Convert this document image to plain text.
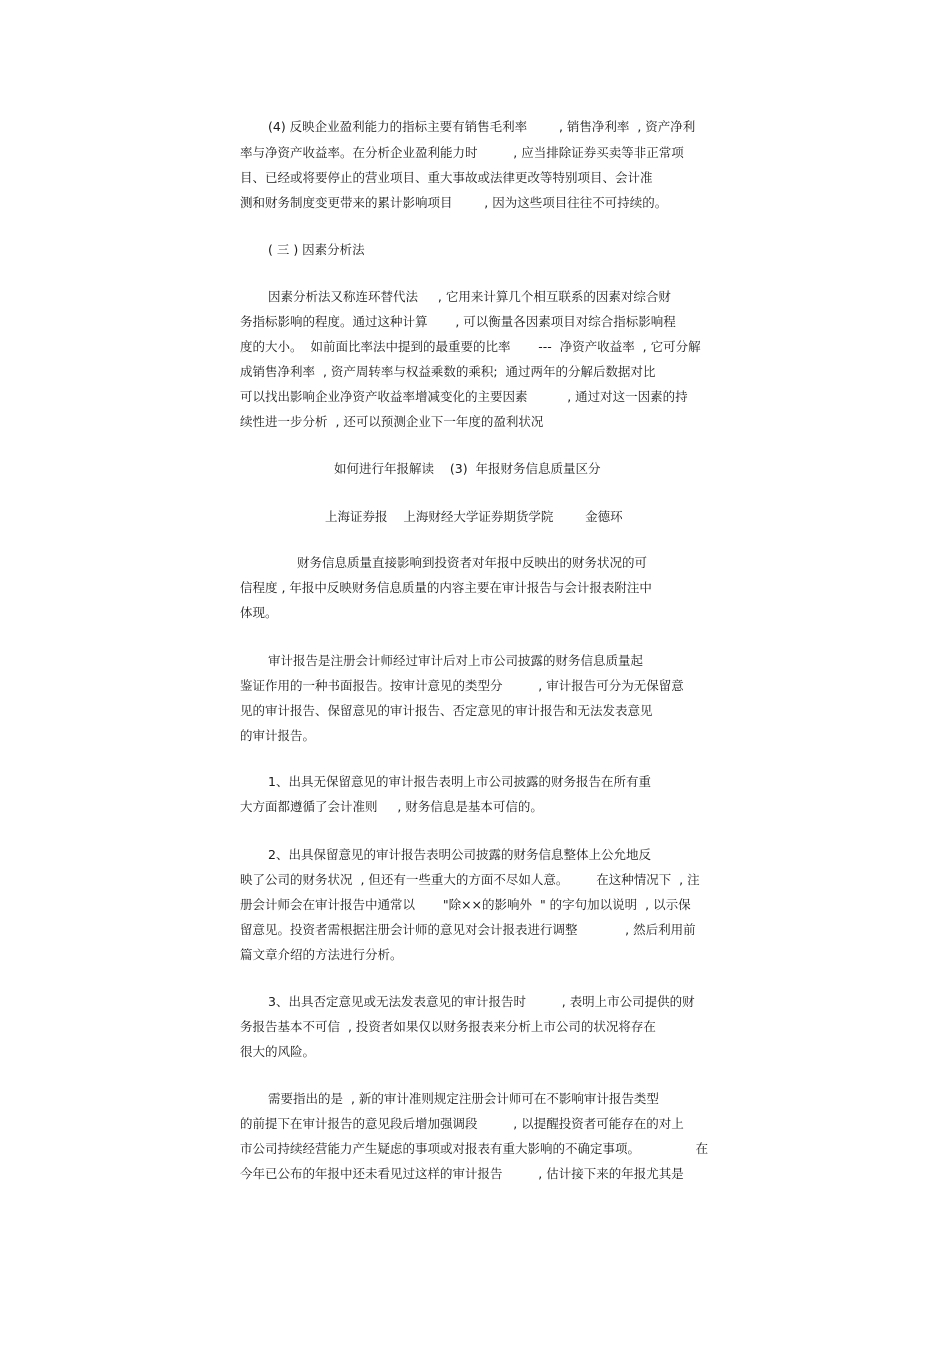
(4) 反映企业盈利能力的指标主要有销售毛利率        , 销售净利率  , 资产净利
率与净资产收益率。在分析企业盈利能力时         , 应当排除证券买卖等非正常项
目、已经或将要停止的营业项目、重大事故或法律更改等特别项目、会计准
测和财务制度变更带来的累计影响项目        , 因为这些项目往往不可持续的。
( 三 ) 因素分析法
因素分析法又称连环替代法     , 它用来计算几个相互联系的因素对综合财
务指标影响的程度。通过这种计算       , 可以衡量各因素项目对综合指标影响程
度的大小。  如前面比率法中提到的最重要的比率       ---  净资产收益率  , 它可分解
成销售净利率  , 资产周转率与权益乘数的乘积;  通过两年的分解后数据对比
可以找出影响企业净资产收益率增减变化的主要因素          , 通过对这一因素的持
续性进一步分析  , 还可以预测企业下一年度的盈利状况
如何进行年报解读    (3)  年报财务信息质量区分
上海证券报    上海财经大学证券期货学院        金德环
财务信息质量直接影响到投资者对年报中反映出的财务状况的可
信程度 , 年报中反映财务信息质量的内容主要在审计报告与会计报表附注中
体现。
审计报告是注册会计师经过审计后对上市公司披露的财务信息质量起
鉴证作用的一种书面报告。按审计意见的类型分         , 审计报告可分为无保留意
见的审计报告、保留意见的审计报告、否定意见的审计报告和无法发表意见
的审计报告。
1、出具无保留意见的审计报告表明上市公司披露的财务报告在所有重
大方面都遵循了会计准则     , 财务信息是基本可信的。
2、出具保留意见的审计报告表明公司披露的财务信息整体上公允地反
映了公司的财务状况  , 但还有一些重大的方面不尽如人意。       在这种情况下  , 注
册会计师会在审计报告中通常以       "除××的影响外  " 的字句加以说明  , 以示保
留意见。投资者需根据注册会计师的意见对会计报表进行调整            , 然后利用前
篇文章介绍的方法进行分析。
3、出具否定意见或无法发表意见的审计报告时         , 表明上市公司提供的财
务报告基本不可信  , 投资者如果仅以财务报表来分析上市公司的状况将存在
很大的风险。
需要指出的是  , 新的审计准则规定注册会计师可在不影响审计报告类型
的前提下在审计报告的意见段后增加强调段         , 以提醒投资者可能存在的对上
市公司持续经营能力产生疑虑的事项或对报表有重大影响的不确定事项。              在
今年已公布的年报中还未看见过这样的审计报告         , 估计接下来的年报尤其是
